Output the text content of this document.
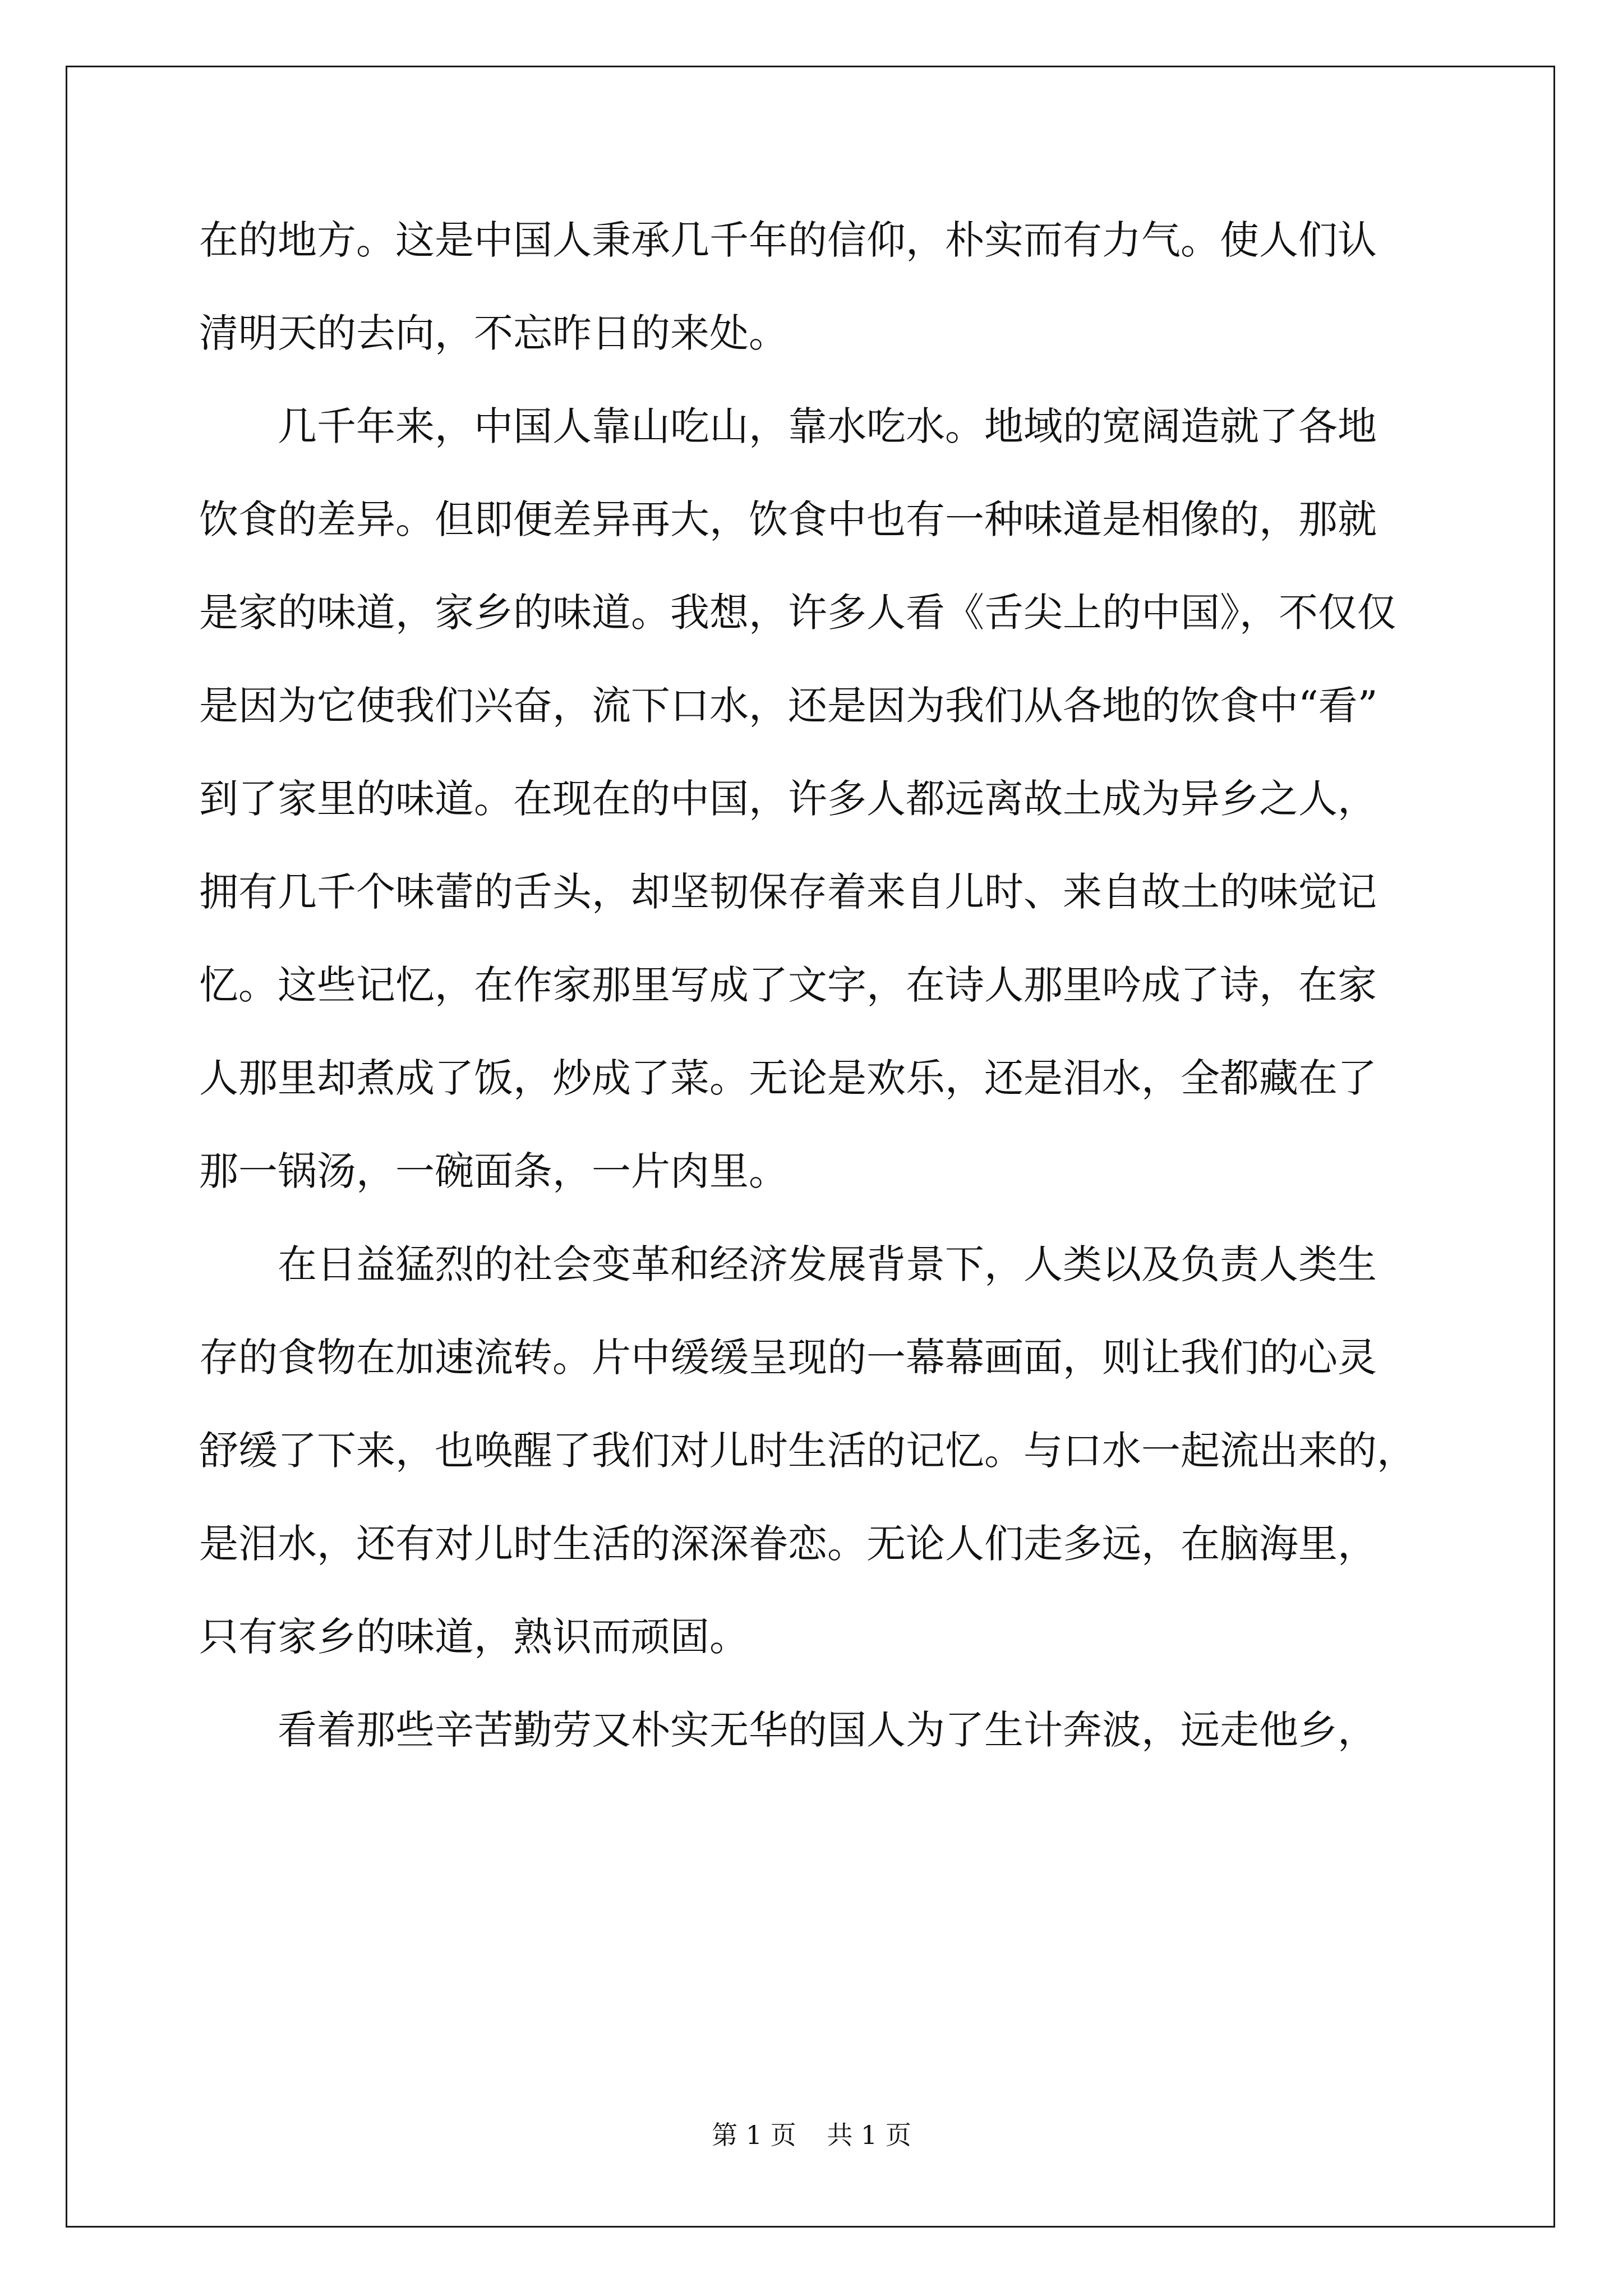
在的地方。这是中国人秉承几千年的信仰，朴实而有力气。使人们认
清明天的去向，不忘昨日的来处。
几千年来，中国人靠山吃山，靠水吃水。地域的宽阔造就了各地
饮食的差异。但即便差异再大，饮食中也有一种味道是相像的，那就
是家的味道，家乡的味道。我想，许多人看《舌尖上的中国》，不仅仅
是因为它使我们兴奋，流下口水，还是因为我们从各地的饮食中“看”
到了家里的味道。在现在的中国，许多人都远离故土成为异乡之人，
拥有几千个味蕾的舌头，却坚韧保存着来自儿时、来自故土的味觉记
忆。这些记忆，在作家那里写成了文字，在诗人那里吟成了诗，在家
人那里却煮成了饭，炒成了菜。无论是欢乐，还是泪水，全都藏在了
那一锅汤，一碗面条，一片肉里。
在日益猛烈的社会变革和经济发展背景下，人类以及负责人类生
存的食物在加速流转。片中缓缓呈现的一幕幕画面，则让我们的心灵
舒缓了下来，也唤醒了我们对儿时生活的记忆。与口水一起流出来的，
是泪水，还有对儿时生活的深深眷恋。无论人们走多远，在脑海里，
只有家乡的味道，熟识而顽固。
看着那些辛苦勤劳又朴实无华的国人为了生计奔波，远走他乡，
第 1 页 共 1 页
